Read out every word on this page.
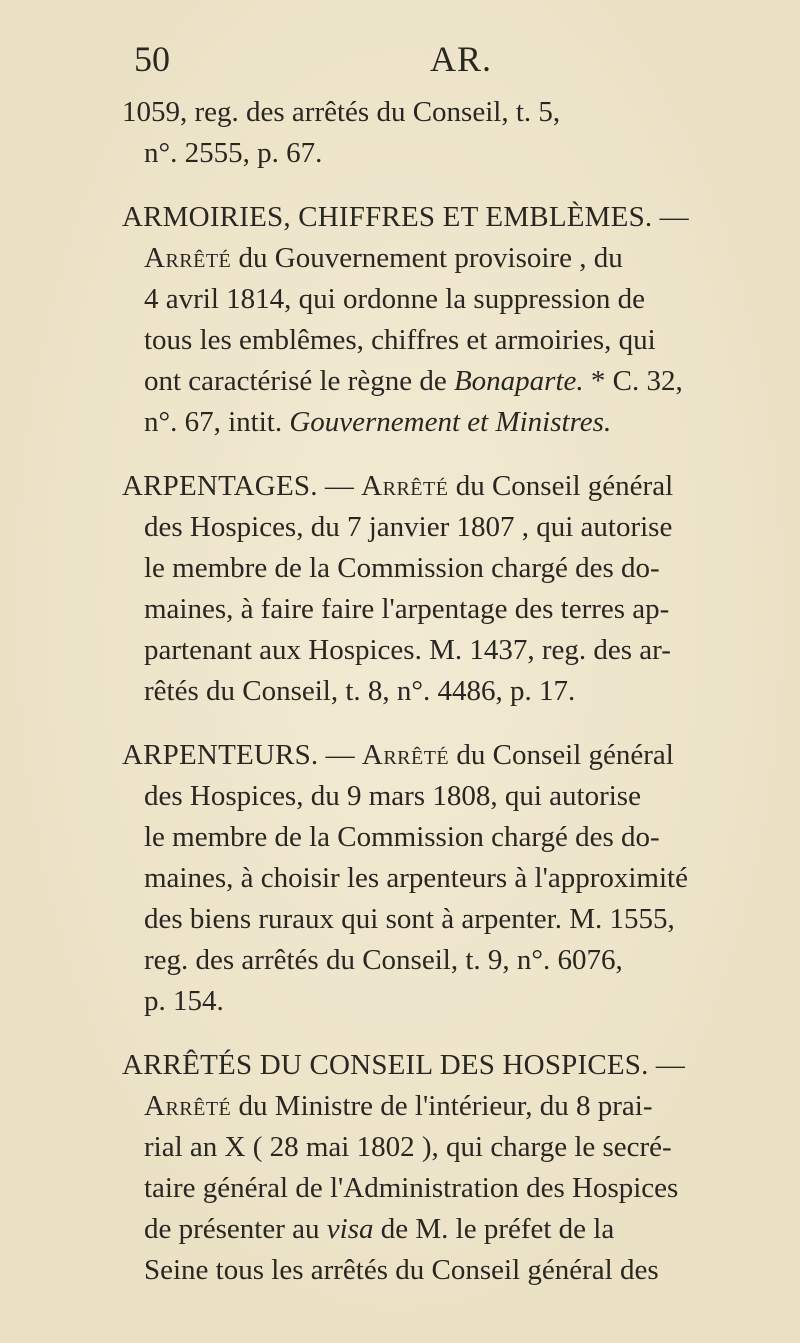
50	AR.
1059, reg. des arrêtés du Conseil, t. 5,
n°. 2555, p. 67.
ARMOIRIES, CHIFFRES ET EMBLÈMES. —
Arrêté du Gouvernement provisoire , du
4 avril 1814, qui ordonne la suppression de
tous les emblêmes, chiffres et armoiries, qui
ont caractérisé le règne de Bonaparte. * C. 32,
n°. 67, intit. Gouvernement et Ministres.
ARPENTAGES. — Arrêté du Conseil général
des Hospices, du 7 janvier 1807 , qui autorise
le membre de la Commission chargé des do-
maines, à faire faire l'arpentage des terres ap-
partenant aux Hospices. M. 1437, reg. des ar-
rêtés du Conseil, t. 8, n°. 4486, p. 17.
ARPENTEURS. — Arrêté du Conseil général
des Hospices, du 9 mars 1808, qui autorise
le membre de la Commission chargé des do-
maines, à choisir les arpenteurs à l'approximité
des biens ruraux qui sont à arpenter. M. 1555,
reg. des arrêtés du Conseil, t. 9, n°. 6076,
p. 154.
ARRÊTÉS DU CONSEIL DES HOSPICES. —
Arrêté du Ministre de l'intérieur, du 8 prai-
rial an X ( 28 mai 1802 ), qui charge le secré-
taire général de l'Administration des Hospices
de présenter au visa de M. le préfet de la
Seine tous les arrêtés du Conseil général des
